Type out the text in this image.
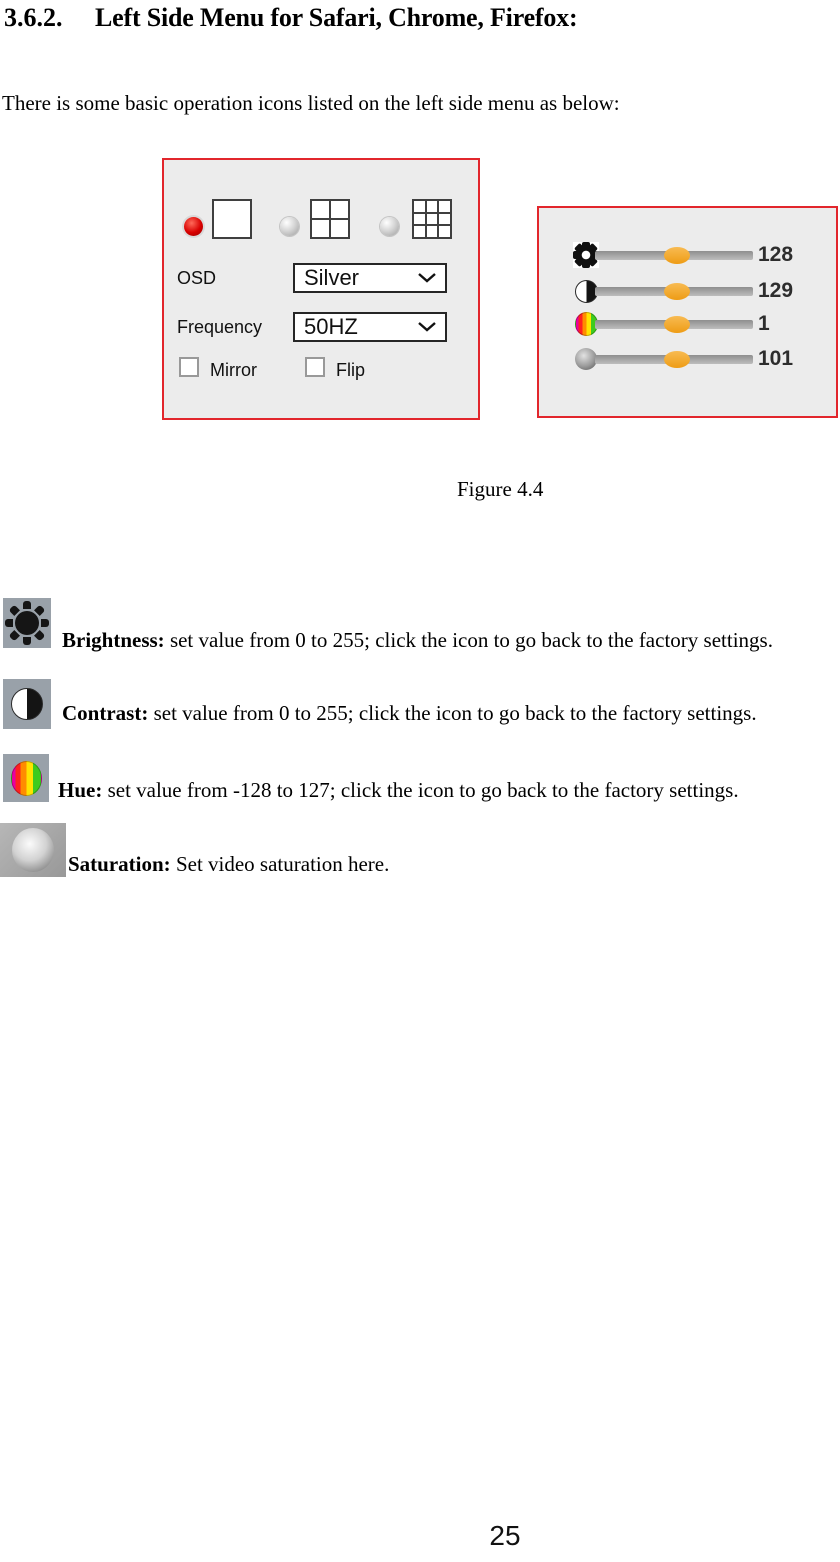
3.6.2. Left Side Menu for Safari, Chrome, Firefox:

There is some basic operation icons listed on the left side menu as below:

OSD	Silver
Frequency 50HZ
Mirror	Flip
128
129
1
101
Figure 4.4

Brightness: set value from 0 to 255; click the icon to go back to the factory settings.

Contrast: set value from 0 to 255; click the icon to go back to the factory settings.

Hue: set value from -128 to 127; click the icon to go back to the factory settings.

Saturation: Set video saturation here.

25
